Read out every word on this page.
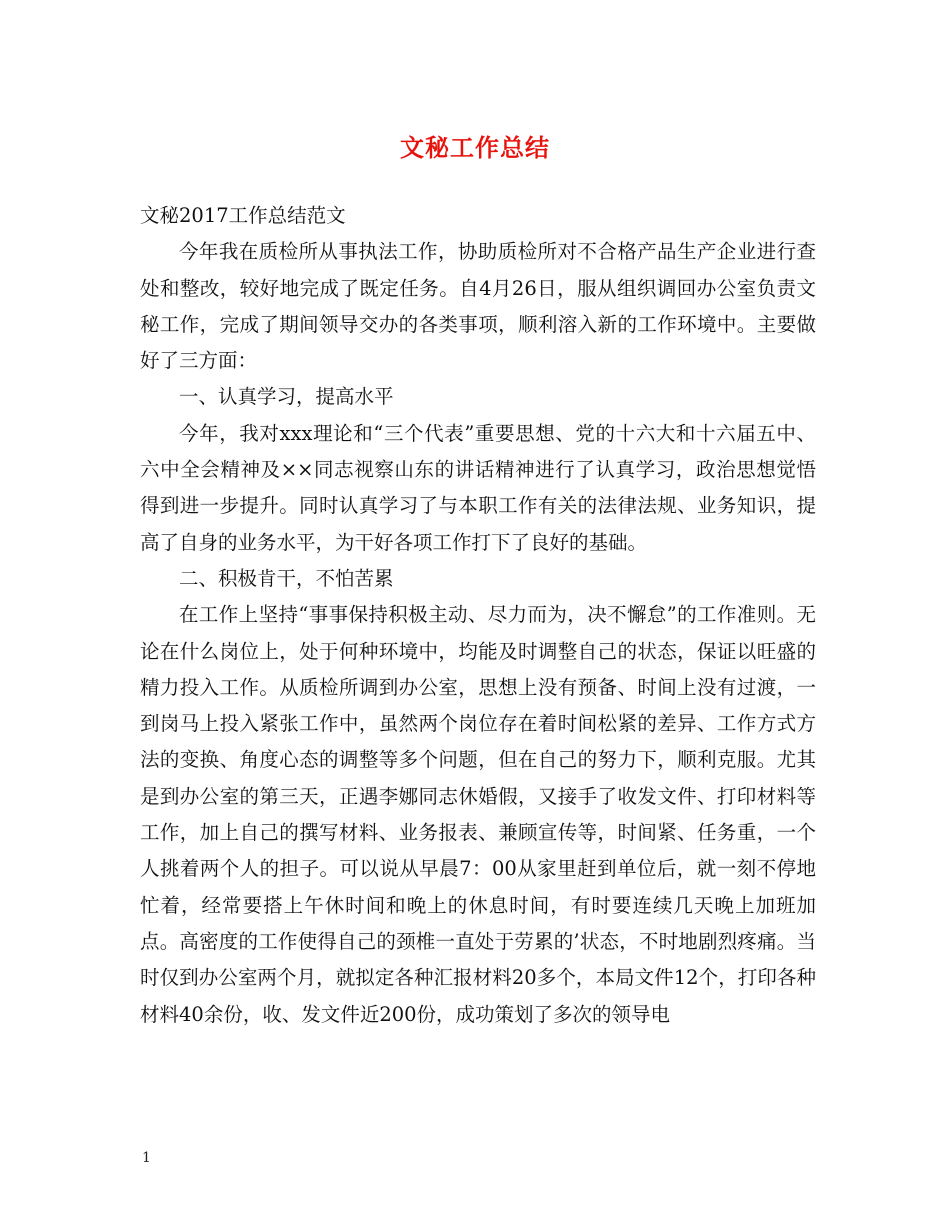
文秘工作总结

文秘2017工作总结范文

今年我在质检所从事执法工作，协助质检所对不合格产品生产企业进行查处和整改，较好地完成了既定任务。自4月26日，服从组织调回办公室负责文秘工作，完成了期间领导交办的各类事项，顺利溶入新的工作环境中。主要做好了三方面：

一、认真学习，提高水平

今年，我对xxx理论和“三个代表”重要思想、党的十六大和十六届五中、六中全会精神及××同志视察山东的讲话精神进行了认真学习，政治思想觉悟得到进一步提升。同时认真学习了与本职工作有关的法律法规、业务知识，提高了自身的业务水平，为干好各项工作打下了良好的基础。

二、积极肯干，不怕苦累

在工作上坚持“事事保持积极主动、尽力而为，决不懈怠”的工作准则。无论在什么岗位上，处于何种环境中，均能及时调整自己的状态，保证以旺盛的精力投入工作。从质检所调到办公室，思想上没有预备、时间上没有过渡，一到岗马上投入紧张工作中，虽然两个岗位存在着时间松紧的差异、工作方式方法的变换、角度心态的调整等多个问题，但在自己的努力下，顺利克服。尤其是到办公室的第三天，正遇李娜同志休婚假，又接手了收发文件、打印材料等工作，加上自己的撰写材料、业务报表、兼顾宣传等，时间紧、任务重，一个人挑着两个人的担子。可以说从早晨7：00从家里赶到单位后，就一刻不停地忙着，经常要搭上午休时间和晚上的休息时间，有时要连续几天晚上加班加点。高密度的工作使得自己的颈椎一直处于劳累的’状态，不时地剧烈疼痛。当时仅到办公室两个月，就拟定各种汇报材料20多个，本局文件12个，打印各种材料40余份，收、发文件近200份，成功策划了多次的领导电

1
